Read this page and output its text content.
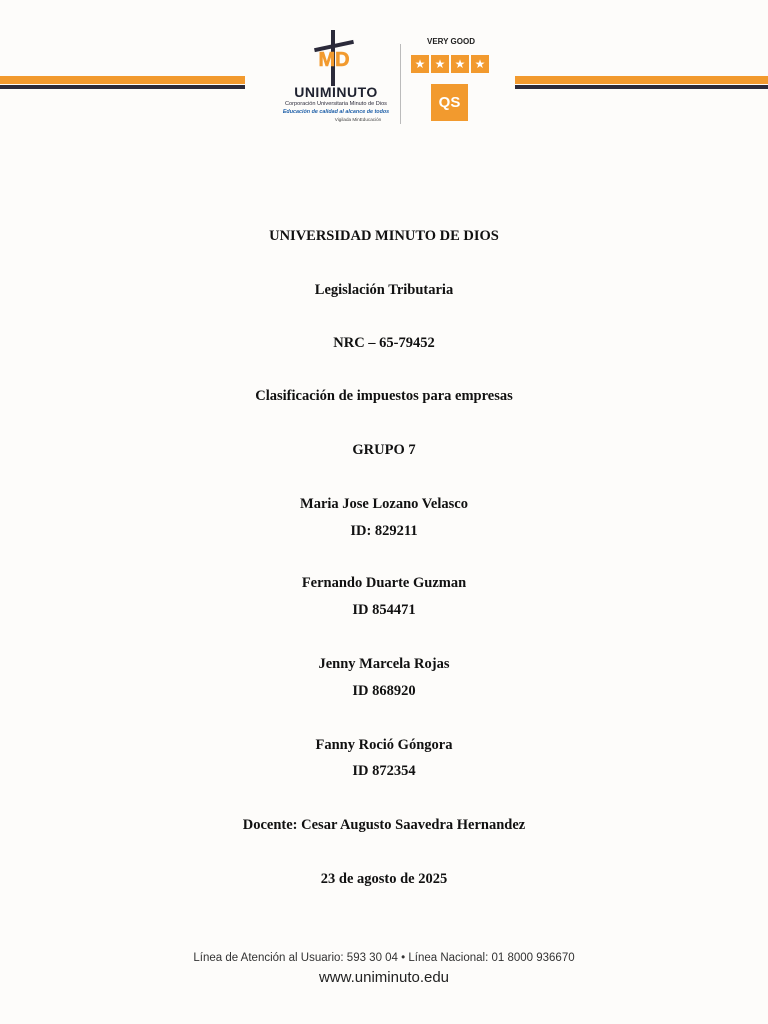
MD
UNIMINUTO
Corporación Universitaria Minuto de Dios
Educación de calidad al alcance de todos
Vigilada MinEducación
VERY GOOD
★ ★ ★ ★
QS
UNIVERSIDAD MINUTO DE DIOS
Legislación Tributaria
NRC – 65-79452
Clasificación de impuestos para empresas
GRUPO 7
Maria Jose Lozano Velasco
ID: 829211
Fernando Duarte Guzman
ID 854471
Jenny Marcela Rojas
ID 868920
Fanny Roció Góngora
ID 872354
Docente: Cesar Augusto Saavedra Hernandez
23 de agosto de 2025
Línea de Atención al Usuario: 593 30 04 • Línea Nacional: 01 8000 936670
www.uniminuto.edu
